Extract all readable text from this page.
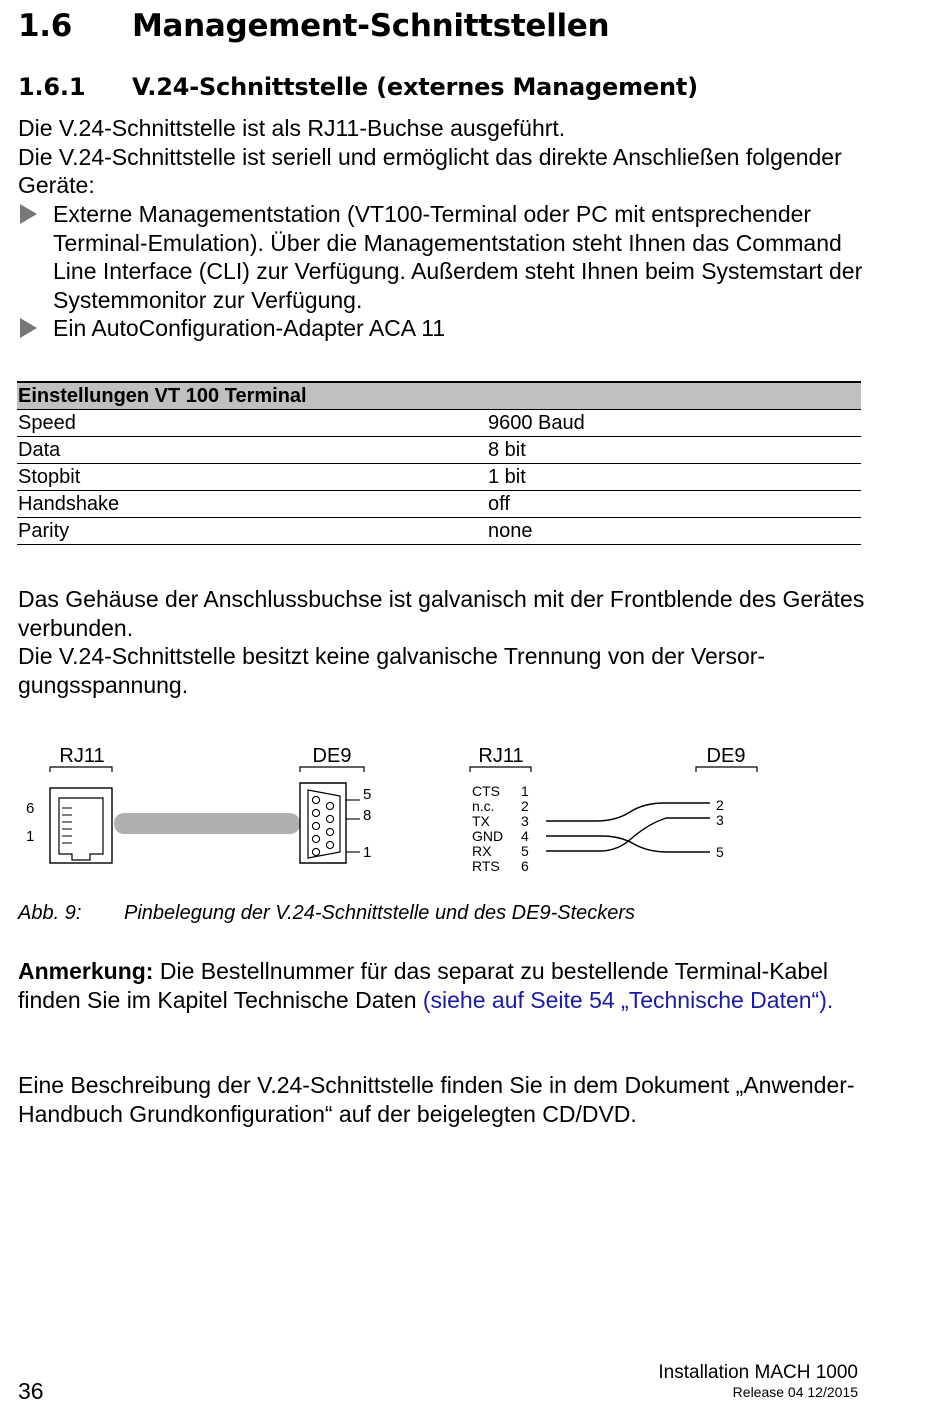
1.6 Management-Schnittstellen
1.6.1 V.24-Schnittstelle (externes Management)
Die V.24-Schnittstelle ist als RJ11-Buchse ausgeführt.
Die V.24-Schnittstelle ist seriell und ermöglicht das direkte Anschließen folgender Geräte:
Externe Managementstation (VT100-Terminal oder PC mit entsprechender Terminal-Emulation). Über die Managementstation steht Ihnen das Command Line Interface (CLI) zur Verfügung. Außerdem steht Ihnen beim Systemstart der Systemmonitor zur Verfügung.
Ein AutoConfiguration-Adapter ACA 11
Einstellungen VT 100 Terminal	
Speed	9600 Baud
Data	8 bit
Stopbit	1 bit
Handshake	off
Parity	none
Das Gehäuse der Anschlussbuchse ist galvanisch mit der Frontblende des Gerätes verbunden.
Die V.24-Schnittstelle besitzt keine galvanische Trennung von der Versorgungsspannung.
RJ11
6
1
DE9
5
8
1
RJ11	DE9
CTS 1
n.c. 2
TX 3
GND 4
RX 5
RTS 6
2
3
5
Abb. 9: Pinbelegung der V.24-Schnittstelle und des DE9-Steckers
Anmerkung: Die Bestellnummer für das separat zu bestellende Terminal-Kabel finden Sie im Kapitel Technische Daten (siehe auf Seite 54 „Technische Daten“).
Eine Beschreibung der V.24-Schnittstelle finden Sie in dem Dokument „Anwender-Handbuch Grundkonfiguration“ auf der beigelegten CD/DVD.
36
Installation MACH 1000
Release 04 12/2015
